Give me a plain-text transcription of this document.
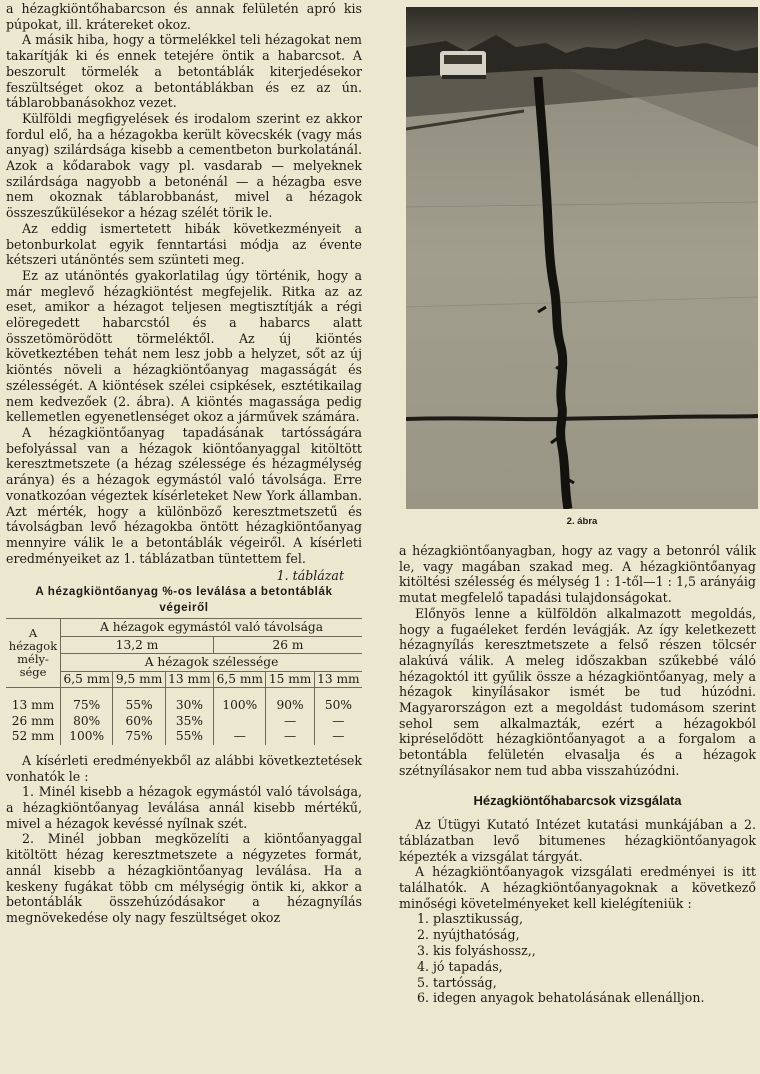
a hézagkiöntőhabarcson és annak felületén apró kis púpokat, ill. krátereket okoz.

A másik hiba, hogy a törmelékkel teli hézagokat nem takarítják ki és ennek tetejére öntik a habarcsot. A beszorult törmelék a betontáblák kiterjedésekor feszültséget okoz a betontáblákban és ez az ún. táblarobbanásokhoz vezet.

Külföldi megfigyelések és irodalom szerint ez akkor fordul elő, ha a hézagokba került kövecskék (vagy más anyag) szilárdsága kisebb a cementbeton burkolatánál. Azok a kődarabok vagy pl. vasdarab — melyeknek szilárdsága nagyobb a betonénál — a hézagba esve nem okoznak táblarobbanást, mivel a hézagok összeszűkülésekor a hézag szélét törik le.

Az eddig ismertetett hibák következményeit a betonburkolat egyik fenntartási módja az évente kétszeri utánöntés sem szünteti meg.

Ez az utánöntés gyakorlatilag úgy történik, hogy a már meglevő hézagkiöntést megfejelik. Ritka az az eset, amikor a hézagot teljesen megtisztítják a régi elöregedett habarcstól és a habarcs alatt összetömörödött törmeléktől. Az új kiöntés következtében tehát nem lesz jobb a helyzet, sőt az új kiöntés növeli a hézagkiöntőanyag magasságát és szélességét. A kiöntések szélei csipkések, esztétikailag nem kedvezőek (2. ábra). A kiöntés magassága pedig kellemetlen egyenetlenséget okoz a járművek számára.

A hézagkiöntőanyag tapadásának tartósságára befolyással van a hézagok kiöntőanyaggal kitöltött keresztmetszete (a hézag szélessége és hézagmélység aránya) és a hézagok egymástól való távolsága. Erre vonatkozóan végeztek kísérleteket New York államban. Azt mérték, hogy a különböző keresztmetszetű és távolságban levő hézagokba öntött hézagkiöntőanyag mennyire válik le a betontáblák végeiről. A kísérleti eredményeiket az 1. táblázatban tüntettem fel.

1. táblázat
A hézagkiöntőanyag %-os leválása a betontáblák
végeiről
A hézagok mély-sége	A hézagok egymástól való távolsága					
	13,2 m			26 m		
	A hézagok szélessége					
	6,5 mm	9,5 mm	13 mm	6,5 mm	15 mm	13 mm

13 mm	75%	55%	30%	100%	90%	50%
26 mm	80%	60%	35%		—	—
52 mm	100%	75%	55%	—	—	—

A kísérleti eredményekből az alábbi következtetések vonhatók le :

1. Minél kisebb a hézagok egymástól való távolsága, a hézagkiöntőanyag leválása annál kisebb mértékű, mivel a hézagok kevéssé nyílnak szét.

2. Minél jobban megközelíti a kiöntőanyaggal kitöltött hézag keresztmetszete a négyzetes formát, annál kisebb a hézagkiöntőanyag leválása. Ha a keskeny fugákat több cm mélységig öntik ki, akkor a betontáblák összehúzódásakor a hézagnyílás megnövekedése oly nagy feszültséget okoz

2. ábra

a hézagkiöntőanyagban, hogy az vagy a betonról válik le, vagy magában szakad meg. A hézagkiöntőanyag kitöltési szélesség és mélység 1 : 1-től—1 : 1,5 arányáig mutat megfelelő tapadási tulajdonságokat.

Előnyös lenne a külföldön alkalmazott megoldás, hogy a fugaéleket ferdén levágják. Az így keletkezett hézagnyílás keresztmetszete a felső részen tölcsér alakúvá válik. A meleg időszakban szűkebbé váló hézagoktól itt gyűlik össze a hézagkiöntőanyag, mely a hézagok kinyílásakor ismét be tud húzódni. Magyarországon ezt a megoldást tudomásom szerint sehol sem alkalmazták, ezért a hézagokból kipréselődött hézagkiöntőanyagot a a forgalom a betontábla felületén elvasalja és a hézagok szétnyílásakor nem tud abba visszahúzódni.

Hézagkiöntőhabarcsok vizsgálata

Az Útügyi Kutató Intézet kutatási munkájában a 2. táblázatban levő bitumenes hézagkiöntőanyagok képezték a vizsgálat tárgyát.

A hézagkiöntőanyagok vizsgálati eredményei is itt találhatók. A hézagkiöntőanyagoknak a következő minőségi követelményeket kell kielégíteniük :

1. plasztikusság,
2. nyújthatóság,
3. kis folyáshossz,,
4. jó tapadás,
5. tartósság,
6. idegen anyagok behatolásának ellenálljon.
